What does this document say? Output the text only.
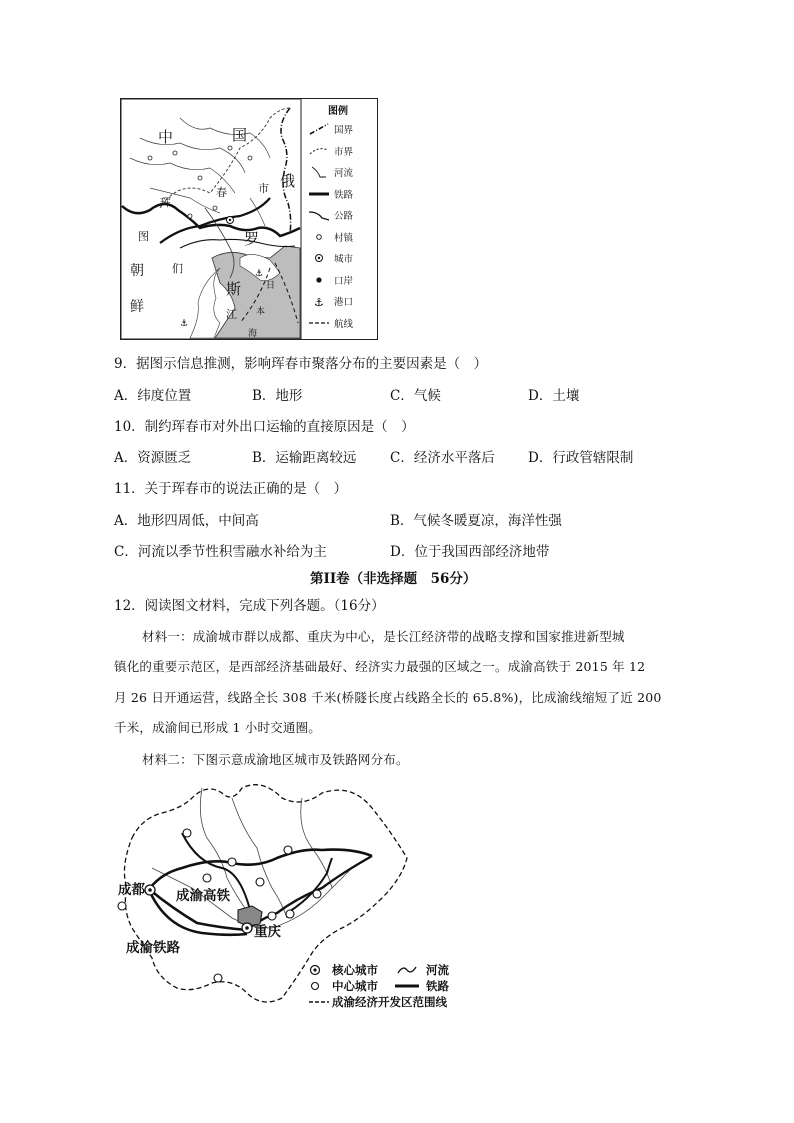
⚓
⚓
中	国
俄
罗
斯
珲
春	市
图
们
江
朝
鲜
日
本
海
图例
国界
市界
河流
铁路
公路
村镇
城市
口岸
⚓ 港口
航线
9．据图示信息推测，影响珲春市聚落分布的主要因素是（　）
A．纬度位置	B．地形	C．气候	D．土壤
10．制约珲春市对外出口运输的直接原因是（　）
A．资源匮乏	B．运输距离较远 C．经济水平落后 D．行政管辖限制
11．关于珲春市的说法正确的是（　）
A．地形四周低，中间高	B．气候冬暖夏凉，海洋性强
C．河流以季节性积雪融水补给为主	D．位于我国西部经济地带
第II卷（非选择题　56分）
12．阅读图文材料，完成下列各题。（16分）
材料一：成渝城市群以成都、重庆为中心，是长江经济带的战略支撑和国家推进新型城
镇化的重要示范区，是西部经济基础最好、经济实力最强的区域之一。成渝高铁于 2015 年 12
月 26 日开通运营，线路全长 308 千米(桥隧长度占线路全长的 65.8%)，比成渝线缩短了近 200
千米，成渝间已形成 1 小时交通圈。
材料二：下图示意成渝地区城市及铁路网分布。
成都 成渝高铁
重庆
成渝铁路
核心城市	河流
中心城市	铁路
成渝经济开发区范围线
